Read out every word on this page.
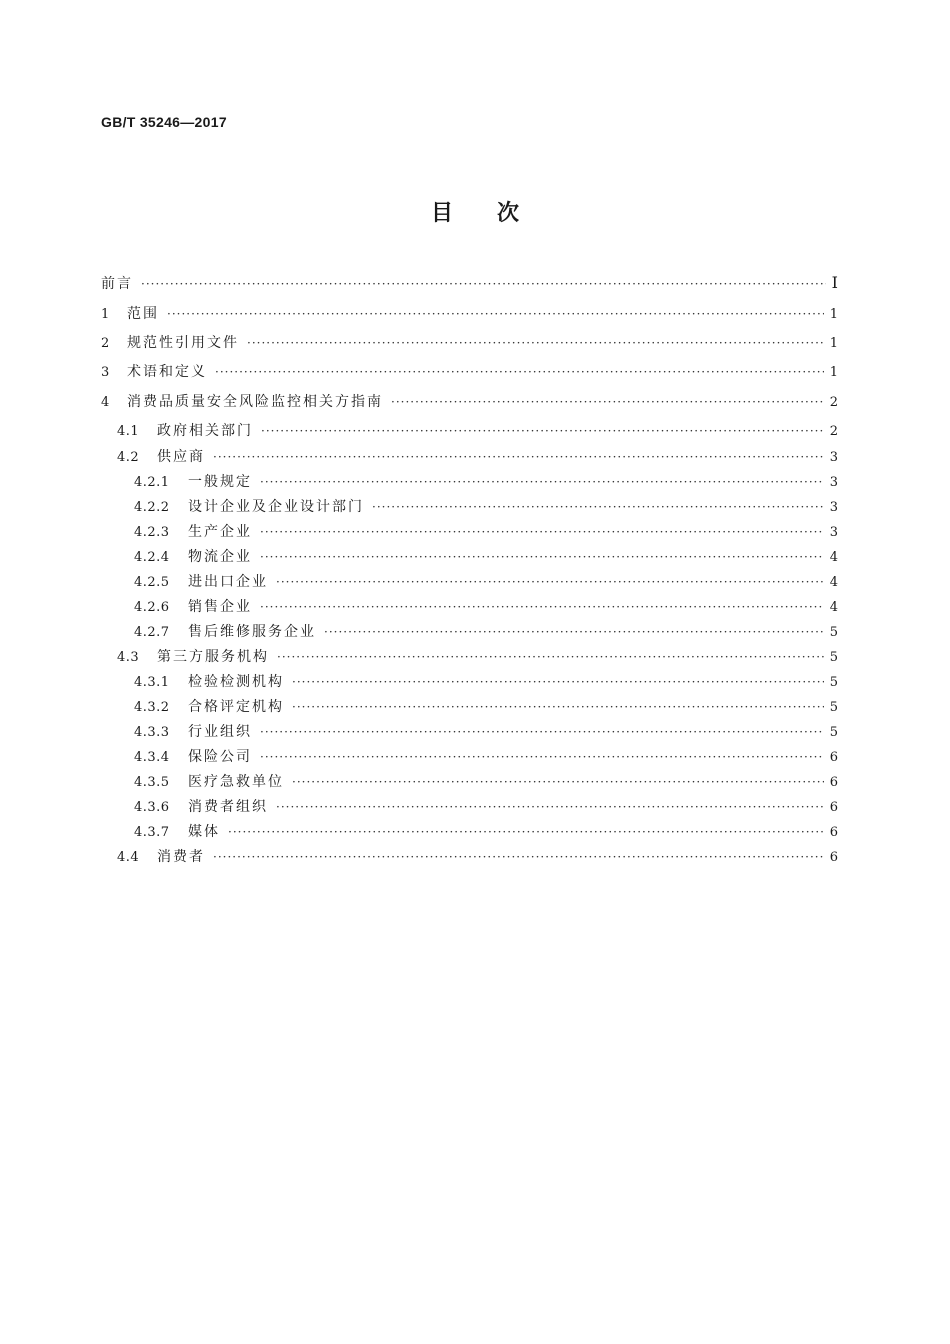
GB/T 35246—2017
目次
前言 ·····	I
1	范围 ·····	1
2	规范性引用文件 ·····	1
3	术语和定义 ·····	1
4	消费品质量安全风险监控相关方指南 ·····	2
4.1	政府相关部门 ·····	2
4.2	供应商 ·····	3
4.2.1	一般规定 ·····	3
4.2.2	设计企业及企业设计部门 ·····	3
4.2.3	生产企业 ·····	3
4.2.4	物流企业 ·····	4
4.2.5	进出口企业 ·····	4
4.2.6	销售企业 ·····	4
4.2.7	售后维修服务企业 ·····	5
4.3	第三方服务机构 ·····	5
4.3.1	检验检测机构 ·····	5
4.3.2	合格评定机构 ·····	5
4.3.3	行业组织 ·····	5
4.3.4	保险公司 ·····	6
4.3.5	医疗急救单位 ·····	6
4.3.6	消费者组织 ·····	6
4.3.7	媒体 ·····	6
4.4	消费者 ·····	6
